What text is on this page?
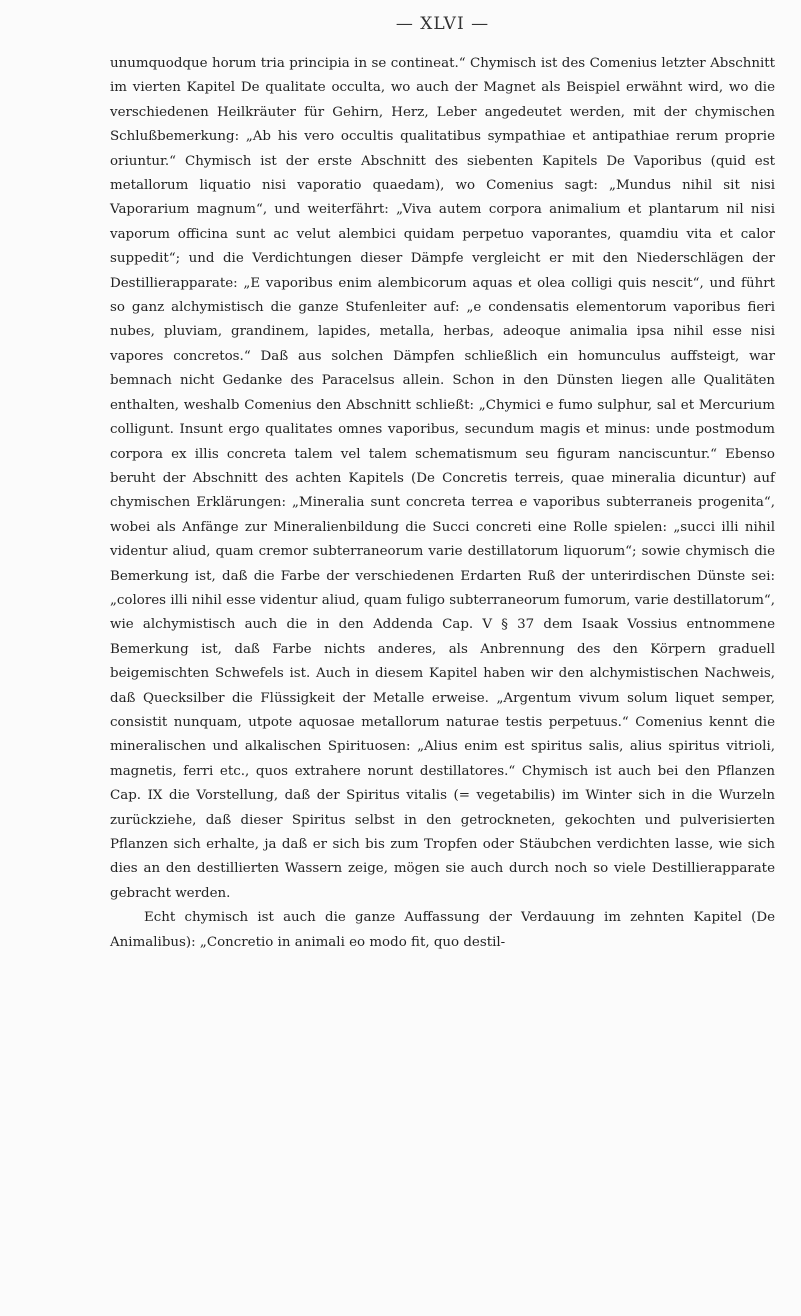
— XLVI —

unumquodque horum tria principia in se contineat.“ Chymisch ist des Comenius letzter Abschnitt im vierten Kapitel De qualitate occulta, wo auch der Magnet als Beispiel erwähnt wird, wo die verschiedenen Heilkräuter für Gehirn, Herz, Leber angedeutet werden, mit der chymischen Schlußbemerkung: „Ab his vero occultis qualitatibus sympathiae et antipathiae rerum proprie oriuntur.“ Chymisch ist der erste Abschnitt des siebenten Kapitels De Vaporibus (quid est metallorum liquatio nisi vaporatio quaedam), wo Comenius sagt: „Mundus nihil sit nisi Vaporarium magnum“, und weiterfährt: „Viva autem corpora animalium et plantarum nil nisi vaporum officina sunt ac velut alembici quidam perpetuo vaporantes, quamdiu vita et calor suppedit“; und die Verdichtungen dieser Dämpfe vergleicht er mit den Niederschlägen der Destillierapparate: „E vaporibus enim alembicorum aquas et olea colligi quis nescit“, und führt so ganz alchymistisch die ganze Stufenleiter auf: „e condensatis elementorum vaporibus fieri nubes, pluviam, grandinem, lapides, metalla, herbas, adeoque animalia ipsa nihil esse nisi vapores concretos.“ Daß aus solchen Dämpfen schließlich ein homunculus auffsteigt, war bemnach nicht Gedanke des Paracelsus allein. Schon in den Dünsten liegen alle Qualitäten enthalten, weshalb Comenius den Abschnitt schließt: „Chymici e fumo sulphur, sal et Mercurium colligunt. Insunt ergo qualitates omnes vaporibus, secundum magis et minus: unde postmodum corpora ex illis concreta talem vel talem schematismum seu figuram nanciscuntur.“ Ebenso beruht der Abschnitt des achten Kapitels (De Concretis terreis, quae mineralia dicuntur) auf chymischen Erklärungen: „Mineralia sunt concreta terrea e vaporibus subterraneis progenita“, wobei als Anfänge zur Mineralienbildung die Succi concreti eine Rolle spielen: „succi illi nihil videntur aliud, quam cremor subterraneorum varie destillatorum liquorum“; sowie chymisch die Bemerkung ist, daß die Farbe der verschiedenen Erdarten Ruß der unterirdischen Dünste sei: „colores illi nihil esse videntur aliud, quam fuligo subterraneorum fumorum, varie destillatorum“, wie alchymistisch auch die in den Addenda Cap. V § 37 dem Isaak Vossius entnommene Bemerkung ist, daß Farbe nichts anderes, als Anbrennung des den Körpern graduell beigemischten Schwefels ist. Auch in diesem Kapitel haben wir den alchymistischen Nachweis, daß Quecksilber die Flüssigkeit der Metalle erweise. „Argentum vivum solum liquet semper, consistit nunquam, utpote aquosae metallorum naturae testis perpetuus.“ Comenius kennt die mineralischen und alkalischen Spirituosen: „Alius enim est spiritus salis, alius spiritus vitrioli, magnetis, ferri etc., quos extrahere norunt destillatores.“ Chymisch ist auch bei den Pflanzen Cap. IX die Vorstellung, daß der Spiritus vitalis (= vegetabilis) im Winter sich in die Wurzeln zurückziehe, daß dieser Spiritus selbst in den getrockneten, gekochten und pulverisierten Pflanzen sich erhalte, ja daß er sich bis zum Tropfen oder Stäubchen verdichten lasse, wie sich dies an den destillierten Wassern zeige, mögen sie auch durch noch so viele Destillierapparate gebracht werden.

Echt chymisch ist auch die ganze Auffassung der Verdauung im zehnten Kapitel (De Animalibus): „Concretio in animali eo modo fit, quo destil-
